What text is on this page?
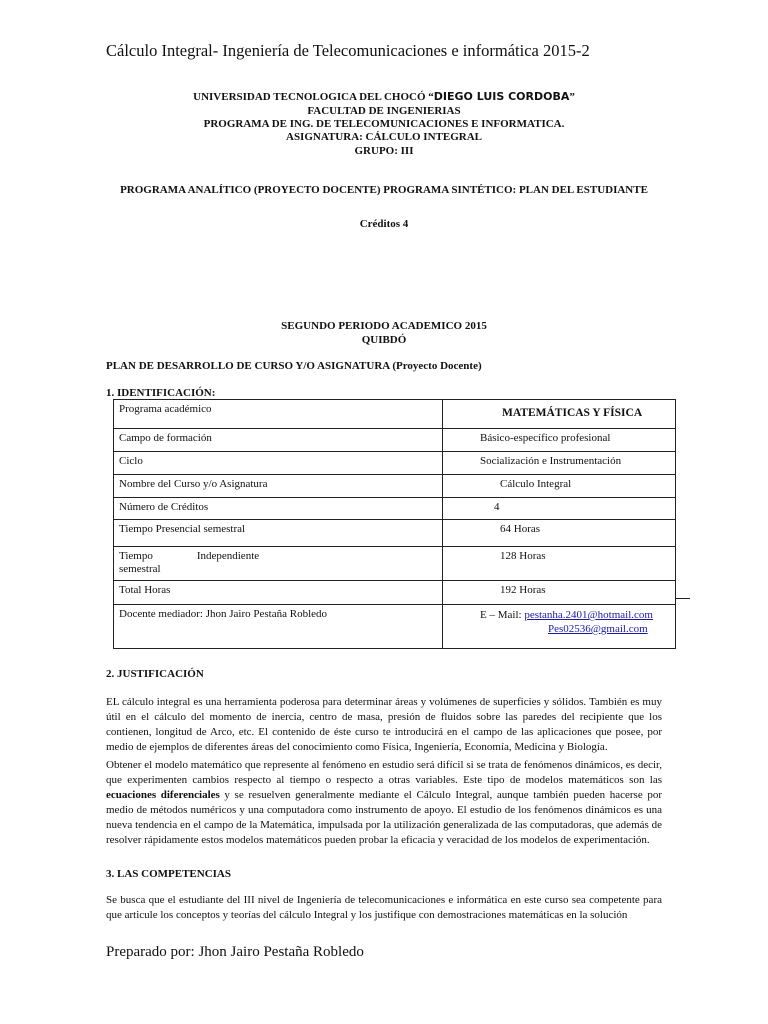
Cálculo Integral- Ingeniería de Telecomunicaciones e informática 2015-2
UNIVERSIDAD TECNOLOGICA DEL CHOCÓ “DIEGO LUIS CORDOBA”
FACULTAD DE INGENIERIAS
PROGRAMA DE ING. DE TELECOMUNICACIONES E INFORMATICA.
ASIGNATURA: CÁLCULO INTEGRAL
GRUPO: III
PROGRAMA ANALÍTICO (PROYECTO DOCENTE) PROGRAMA SINTÉTICO: PLAN DEL ESTUDIANTE
Créditos 4
SEGUNDO PERIODO ACADEMICO 2015
QUIBDÓ
PLAN DE DESARROLLO DE CURSO Y/O ASIGNATURA (Proyecto Docente)
1. IDENTIFICACIÓN:
Programa académico	MATEMÁTICAS Y FÍSICA
Campo de formación	Básico-específico profesional
Ciclo	Socialización e Instrumentación
Nombre del Curso y/o Asignatura	Cálculo Integral
Número de Créditos	4
Tiempo Presencial semestral	64 Horas
Tiempo Independiente
semestral	128 Horas
Total Horas	192 Horas
Docente mediador: Jhon Jairo Pestaña Robledo	E – Mail: pestanha.2401@hotmail.com
Pes02536@gmail.com
2. JUSTIFICACIÓN

EL cálculo integral es una herramienta poderosa para determinar áreas y volúmenes de superficies y sólidos. También es muy útil en el cálculo del momento de inercia, centro de masa, presión de fluidos sobre las paredes del recipiente que los contienen, longitud de Arco, etc. El contenido de éste curso te introducirá en el campo de las aplicaciones que posee, por medio de ejemplos de diferentes áreas del conocimiento como Física, Ingeniería, Economía, Medicina y Biología.

Obtener el modelo matemático que represente al fenómeno en estudio será difícil si se trata de fenómenos dinámicos, es decir, que experimenten cambios respecto al tiempo o respecto a otras variables. Este tipo de modelos matemáticos son las ecuaciones diferenciales y se resuelven generalmente mediante el Cálculo Integral, aunque también pueden hacerse por medio de métodos numéricos y una computadora como instrumento de apoyo. El estudio de los fenómenos dinámicos es una nueva tendencia en el campo de la Matemática, impulsada por la utilización generalizada de las computadoras, que además de resolver rápidamente estos modelos matemáticos pueden probar la eficacia y veracidad de los modelos de experimentación.

3. LAS COMPETENCIAS

Se busca que el estudiante del III nivel de Ingeniería de telecomunicaciones e informática en este curso sea competente para que articule los conceptos y teorías del cálculo Integral y los justifique con demostraciones matemáticas en la solución

Preparado por: Jhon Jairo Pestaña Robledo
